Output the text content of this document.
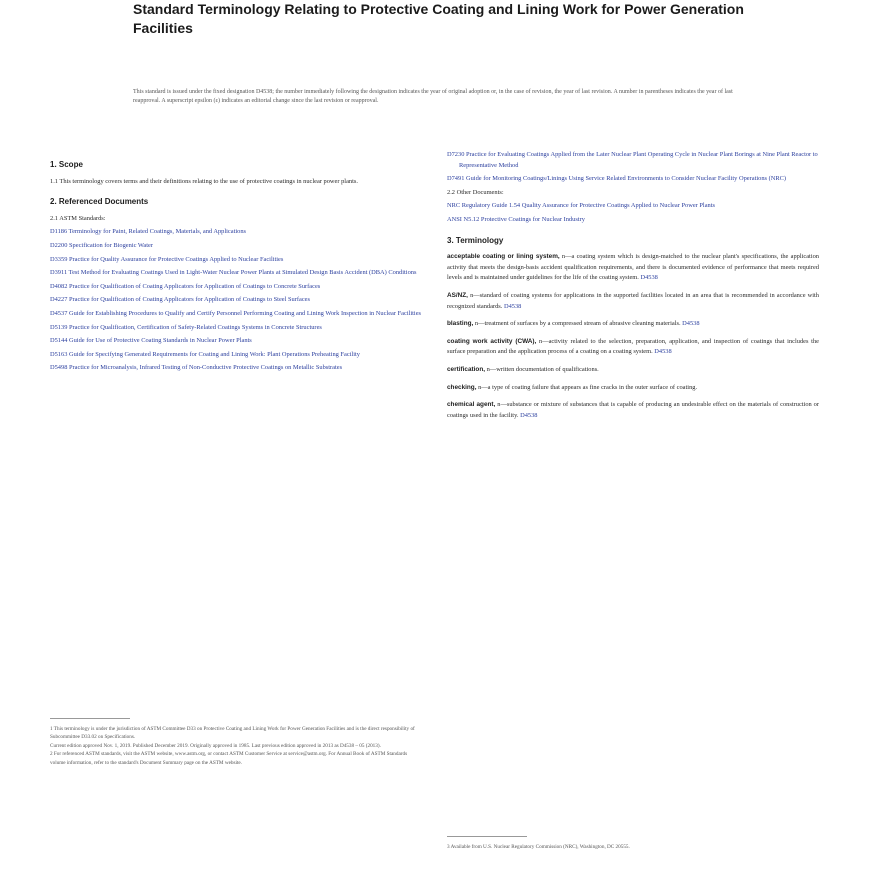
Standard Terminology Relating to Protective Coating and Lining Work for Power Generation Facilities
This standard is issued under the fixed designation D4538; the number immediately following the designation indicates the year of original adoption or, in the case of revision, the year of last revision. A number in parentheses indicates the year of last reapproval. A superscript epsilon (ε) indicates an editorial change since the last revision or reapproval.
1. Scope
1.1 This terminology covers terms and their definitions relating to the use of protective coatings in nuclear power plants.
2. Referenced Documents
2.1 ASTM Standards:
D1186 Terminology for Paint, Related Coatings, Materials, and Applications
D2200 Specification for Biogenic Water
D3359 Practice for Quality Assurance for Protective Coatings Applied to Nuclear Facilities
D3911 Test Method for Evaluating Coatings Used in Light-Water Nuclear Power Plants at Simulated Design Basis Accident (DBA) Conditions
D4082 Practice for Qualification of Coating Applicators for Application of Coatings to Concrete Surfaces
D4227 Practice for Qualification of Coating Applicators for Application of Coatings to Steel Surfaces
D4537 Guide for Establishing Procedures to Qualify and Certify Personnel Performing Coating and Lining Work Inspection in Nuclear Facilities
D5139 Practice for Qualification, Certification of Safety-Related Coatings Systems in Concrete Structures
D5144 Guide for Use of Protective Coating Standards in Nuclear Power Plants
D5163 Guide for Specifying Generated Requirements for Coating and Lining Work: Plant Operations Preheating Facility
D5498 Practice for Microanalysis, Infrared Testing of Non-Conductive Protective Coatings on Metallic Substrates
D7230 Practice for Evaluating Coatings Applied from the Later Nuclear Plant Operating Cycle in Nuclear Plant Borings at Nine Plant Reactor to Representative Method
D7491 Guide for Monitoring Coatings/Linings Using Service Related Environments to Consider Nuclear Facility Operations (NRC)
2.2 Other Documents:
NRC Regulatory Guide 1.54 Quality Assurance for Protective Coatings Applied to Nuclear Power Plants
ANSI N5.12 Protective Coatings for Nuclear Industry
3. Terminology
acceptable coating or lining system, n—a coating system which is design-matched to the nuclear plant's specifications, the application activity that meets the design-basis accident qualification requirements, and there is documented evidence of performance that meets required levels and is maintained under guidelines for the life of the coating system. D4538
AS/NZ, n—standard of coating systems for applications in the supported facilities located in an area that is recommended in accordance with recognized standards. D4538
blasting, n—treatment of surfaces by a compressed stream of abrasive cleaning materials. D4538
coating work activity (CWA), n—activity related to the selection, preparation, application, and inspection of coatings that includes the surface preparation and the application process of a coating on a coating system. D4538
certification, n—written documentation of qualifications.
checking, n—a type of coating failure that appears as fine cracks in the outer surface of coating.
chemical agent, n—substance or mixture of substances that is capable of producing an undesirable effect on the materials of construction or coatings used in the facility. D4538
1 This terminology is under the jurisdiction of ASTM Committee D33 on Protective Coating and Lining Work for Power Generation Facilities and is the direct responsibility of Subcommittee D33.02 on Specifications.
Current edition approved Nov. 1, 2019. Published December 2019. Originally approved in 1985. Last previous edition approved in 2013 as D4538 – 05 (2013).
2 For referenced ASTM standards, visit the ASTM website, www.astm.org, or contact ASTM Customer Service at service@astm.org. For Annual Book of ASTM Standards volume information, refer to the standard's Document Summary page on the ASTM website.
3 Available from U.S. Nuclear Regulatory Commission (NRC), Washington, DC 20555.
